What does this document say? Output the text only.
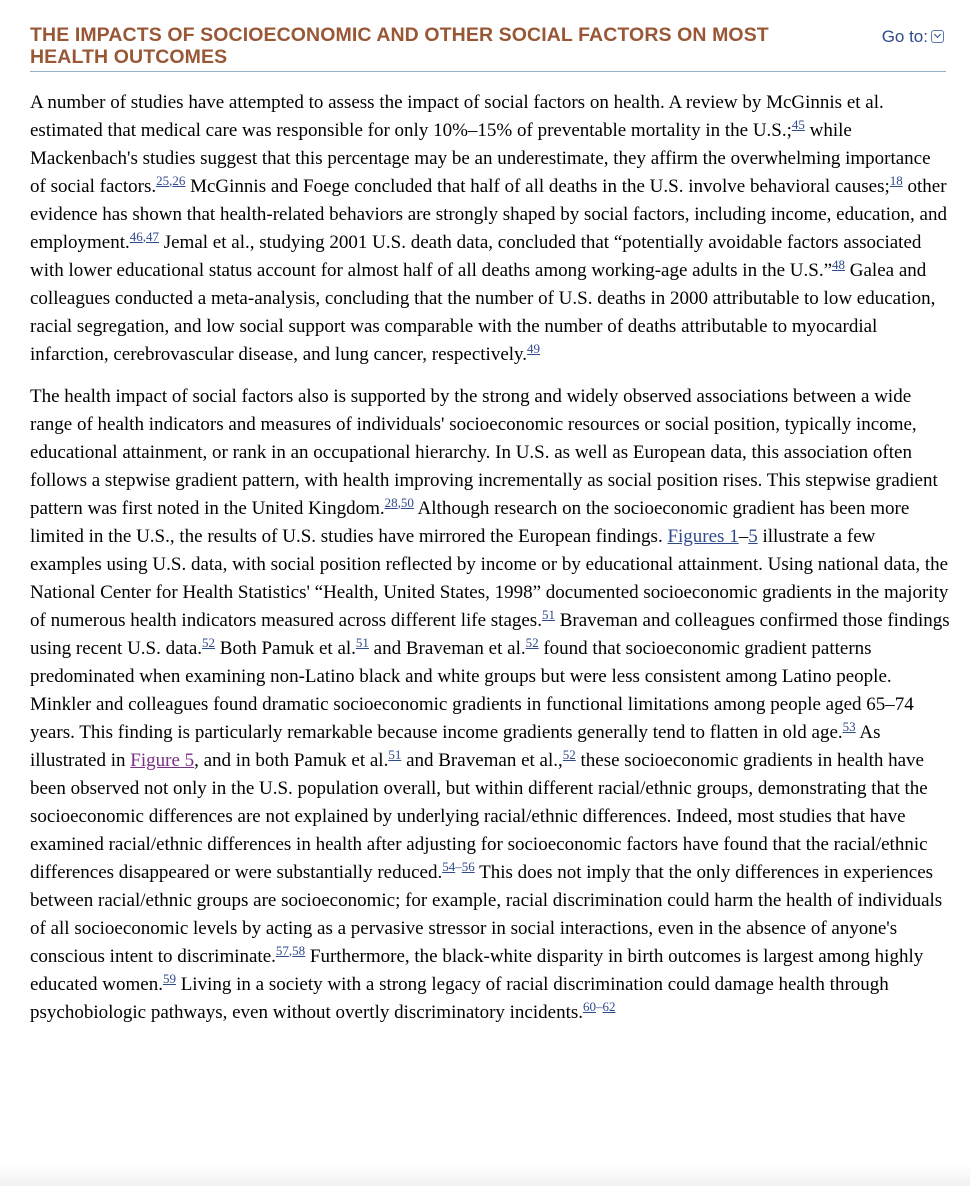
THE IMPACTS OF SOCIOECONOMIC AND OTHER SOCIAL FACTORS ON MOST HEALTH OUTCOMES
Go to:

A number of studies have attempted to assess the impact of social factors on health. A review by McGinnis et al. estimated that medical care was responsible for only 10%–15% of preventable mortality in the U.S.;$^{45}$ while Mackenbach's studies suggest that this percentage may be an underestimate, they affirm the overwhelming importance of social factors.$^{25,26}$ McGinnis and Foege concluded that half of all deaths in the U.S. involve behavioral causes;$^{18}$ other evidence has shown that health-related behaviors are strongly shaped by social factors, including income, education, and employment.$^{46,47}$ Jemal et al., studying 2001 U.S. death data, concluded that “potentially avoidable factors associated with lower educational status account for almost half of all deaths among working-age adults in the U.S.”$^{48}$ Galea and colleagues conducted a meta-analysis, concluding that the number of U.S. deaths in 2000 attributable to low education, racial segregation, and low social support was comparable with the number of deaths attributable to myocardial infarction, cerebrovascular disease, and lung cancer, respectively.$^{49}$

The health impact of social factors also is supported by the strong and widely observed associations between a wide range of health indicators and measures of individuals' socioeconomic resources or social position, typically income, educational attainment, or rank in an occupational hierarchy. In U.S. as well as European data, this association often follows a stepwise gradient pattern, with health improving incrementally as social position rises. This stepwise gradient pattern was first noted in the United Kingdom.$^{28,50}$ Although research on the socioeconomic gradient has been more limited in the U.S., the results of U.S. studies have mirrored the European findings. Figures 1–5 illustrate a few examples using U.S. data, with social position reflected by income or by educational attainment. Using national data, the National Center for Health Statistics' “Health, United States, 1998” documented socioeconomic gradients in the majority of numerous health indicators measured across different life stages.$^{51}$ Braveman and colleagues confirmed those findings using recent U.S. data.$^{52}$ Both Pamuk et al.$^{51}$ and Braveman et al.$^{52}$ found that socioeconomic gradient patterns predominated when examining non-Latino black and white groups but were less consistent among Latino people. Minkler and colleagues found dramatic socioeconomic gradients in functional limitations among people aged 65–74 years. This finding is particularly remarkable because income gradients generally tend to flatten in old age.$^{53}$ As illustrated in Figure 5, and in both Pamuk et al.$^{51}$ and Braveman et al.,$^{52}$ these socioeconomic gradients in health have been observed not only in the U.S. population overall, but within different racial/ethnic groups, demonstrating that the socioeconomic differences are not explained by underlying racial/ethnic differences. Indeed, most studies that have examined racial/ethnic differences in health after adjusting for socioeconomic factors have found that the racial/ethnic differences disappeared or were substantially reduced.$^{54-56}$ This does not imply that the only differences in experiences between racial/ethnic groups are socioeconomic; for example, racial discrimination could harm the health of individuals of all socioeconomic levels by acting as a pervasive stressor in social interactions, even in the absence of anyone's conscious intent to discriminate.$^{57,58}$ Furthermore, the black-white disparity in birth outcomes is largest among highly educated women.$^{59}$ Living in a society with a strong legacy of racial discrimination could damage health through psychobiologic pathways, even without overtly discriminatory incidents.$^{60-62}$
